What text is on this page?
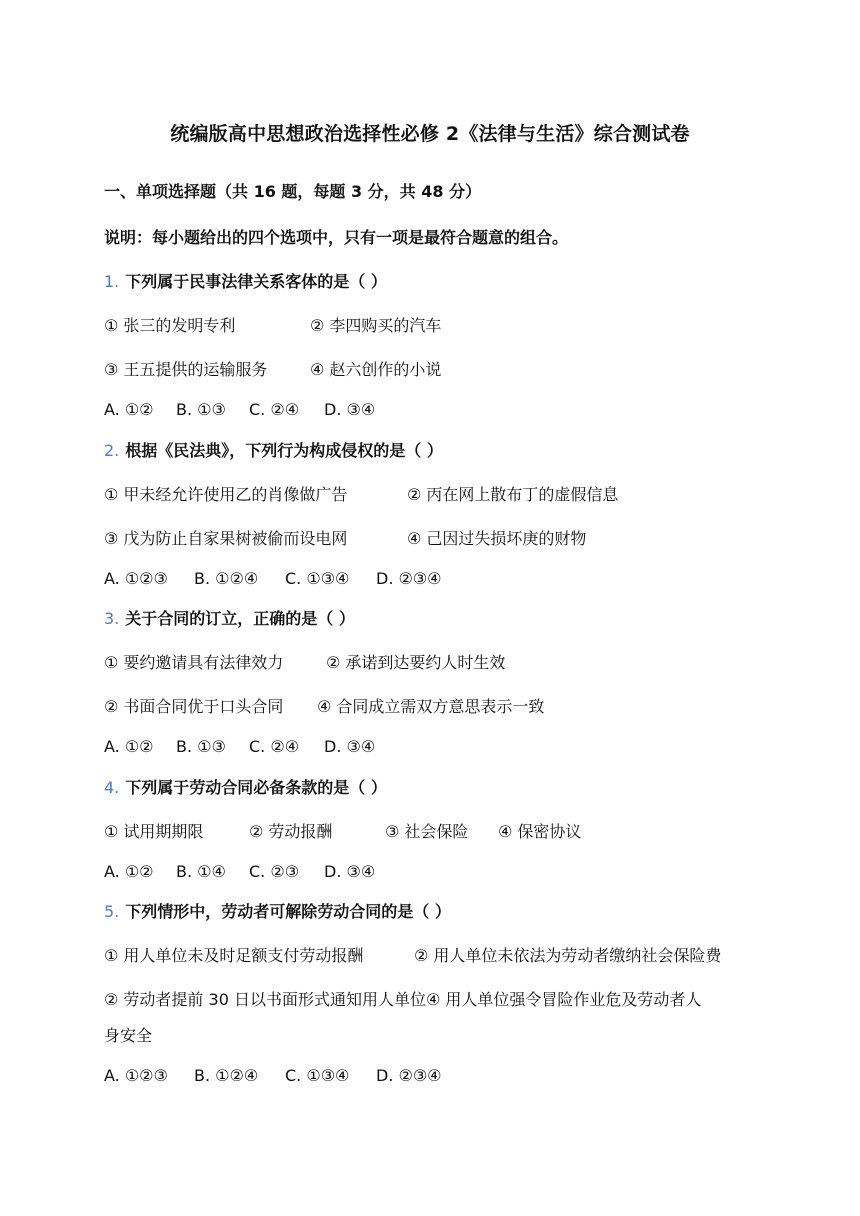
统编版高中思想政治选择性必修 2《法律与生活》综合测试卷
一、单项选择题（共 16 题，每题 3 分，共 48 分）
说明：每小题给出的四个选项中，只有一项是最符合题意的组合。
1. 下列属于民事法律关系客体的是（ ）
① 张三的发明专利	② 李四购买的汽车
③ 王五提供的运输服务	④ 赵六创作的小说
A. ①② B. ①③ C. ②④ D. ③④
2. 根据《民法典》，下列行为构成侵权的是（ ）
① 甲未经允许使用乙的肖像做广告	② 丙在网上散布丁的虚假信息
③ 戊为防止自家果树被偷而设电网	④ 己因过失损坏庚的财物
A. ①②③ B. ①②④ C. ①③④ D. ②③④
3. 关于合同的订立，正确的是（ ）
① 要约邀请具有法律效力	② 承诺到达要约人时生效
② 书面合同优于口头合同 ④ 合同成立需双方意思表示一致
A. ①② B. ①③ C. ②④ D. ③④
4. 下列属于劳动合同必备条款的是（ ）
① 试用期期限	② 劳动报酬	③ 社会保险 ④ 保密协议
A. ①② B. ①④ C. ②③ D. ③④
5. 下列情形中，劳动者可解除劳动合同的是（ ）
① 用人单位未及时足额支付劳动报酬	② 用人单位未依法为劳动者缴纳社会保险费
② 劳动者提前 30 日以书面形式通知用人单位④ 用人单位强令冒险作业危及劳动者人
身安全
A. ①②③ B. ①②④ C. ①③④ D. ②③④
